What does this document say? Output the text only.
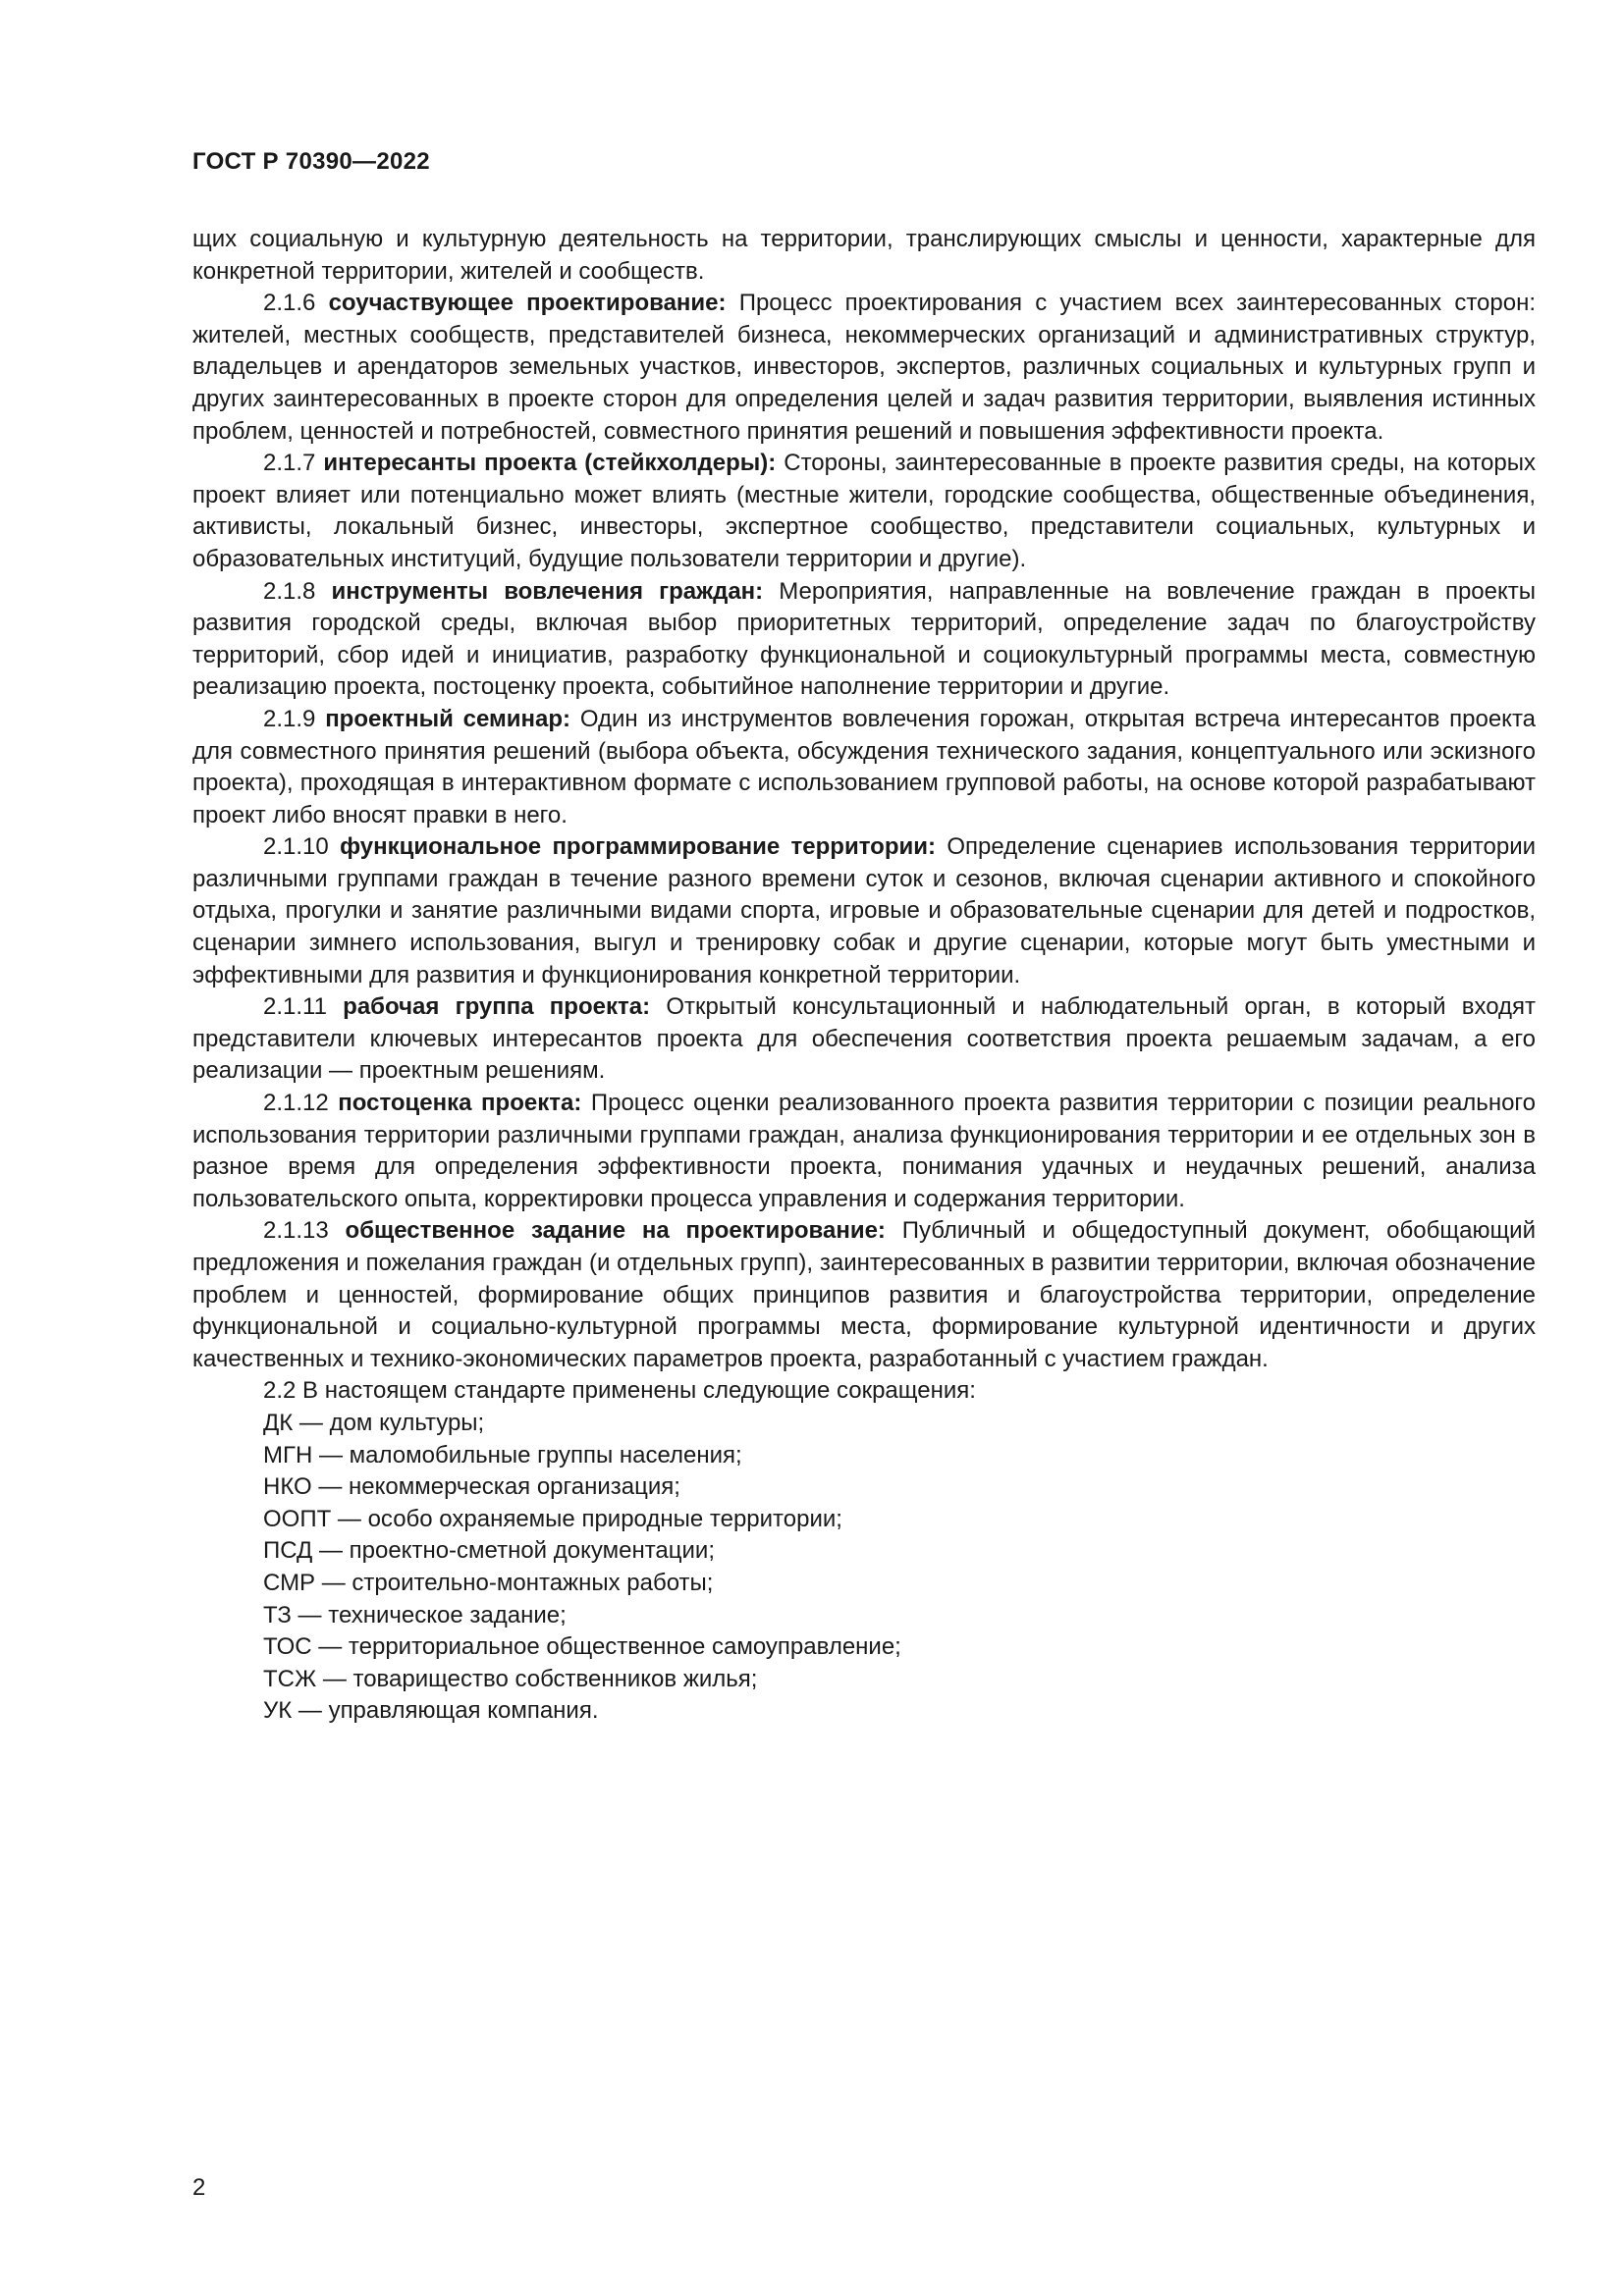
ГОСТ Р 70390—2022

щих социальную и культурную деятельность на территории, транслирующих смыслы и ценности, характерные для конкретной территории, жителей и сообществ.

2.1.6 соучаствующее проектирование: Процесс проектирования с участием всех заинтересованных сторон: жителей, местных сообществ, представителей бизнеса, некоммерческих организаций и административных структур, владельцев и арендаторов земельных участков, инвесторов, экспертов, различных социальных и культурных групп и других заинтересованных в проекте сторон для определения целей и задач развития территории, выявления истинных проблем, ценностей и потребностей, совместного принятия решений и повышения эффективности проекта.

2.1.7 интересанты проекта (стейкхолдеры): Стороны, заинтересованные в проекте развития среды, на которых проект влияет или потенциально может влиять (местные жители, городские сообщества, общественные объединения, активисты, локальный бизнес, инвесторы, экспертное сообщество, представители социальных, культурных и образовательных институций, будущие пользователи территории и другие).

2.1.8 инструменты вовлечения граждан: Мероприятия, направленные на вовлечение граждан в проекты развития городской среды, включая выбор приоритетных территорий, определение задач по благоустройству территорий, сбор идей и инициатив, разработку функциональной и социокультурный программы места, совместную реализацию проекта, постоценку проекта, событийное наполнение территории и другие.

2.1.9 проектный семинар: Один из инструментов вовлечения горожан, открытая встреча интересантов проекта для совместного принятия решений (выбора объекта, обсуждения технического задания, концептуального или эскизного проекта), проходящая в интерактивном формате с использованием групповой работы, на основе которой разрабатывают проект либо вносят правки в него.

2.1.10 функциональное программирование территории: Определение сценариев использования территории различными группами граждан в течение разного времени суток и сезонов, включая сценарии активного и спокойного отдыха, прогулки и занятие различными видами спорта, игровые и образовательные сценарии для детей и подростков, сценарии зимнего использования, выгул и тренировку собак и другие сценарии, которые могут быть уместными и эффективными для развития и функционирования конкретной территории.

2.1.11 рабочая группа проекта: Открытый консультационный и наблюдательный орган, в который входят представители ключевых интересантов проекта для обеспечения соответствия проекта решаемым задачам, а его реализации — проектным решениям.

2.1.12 постоценка проекта: Процесс оценки реализованного проекта развития территории с позиции реального использования территории различными группами граждан, анализа функционирования территории и ее отдельных зон в разное время для определения эффективности проекта, понимания удачных и неудачных решений, анализа пользовательского опыта, корректировки процесса управления и содержания территории.

2.1.13 общественное задание на проектирование: Публичный и общедоступный документ, обобщающий предложения и пожелания граждан (и отдельных групп), заинтересованных в развитии территории, включая обозначение проблем и ценностей, формирование общих принципов развития и благоустройства территории, определение функциональной и социально-культурной программы места, формирование культурной идентичности и других качественных и технико-экономических параметров проекта, разработанный с участием граждан.

2.2 В настоящем стандарте применены следующие сокращения:

ДК — дом культуры;
МГН — маломобильные группы населения;
НКО — некоммерческая организация;
ООПТ — особо охраняемые природные территории;
ПСД — проектно-сметной документации;
СМР — строительно-монтажных работы;
ТЗ — техническое задание;
ТОС — территориальное общественное самоуправление;
ТСЖ — товарищество собственников жилья;
УК — управляющая компания.
2
